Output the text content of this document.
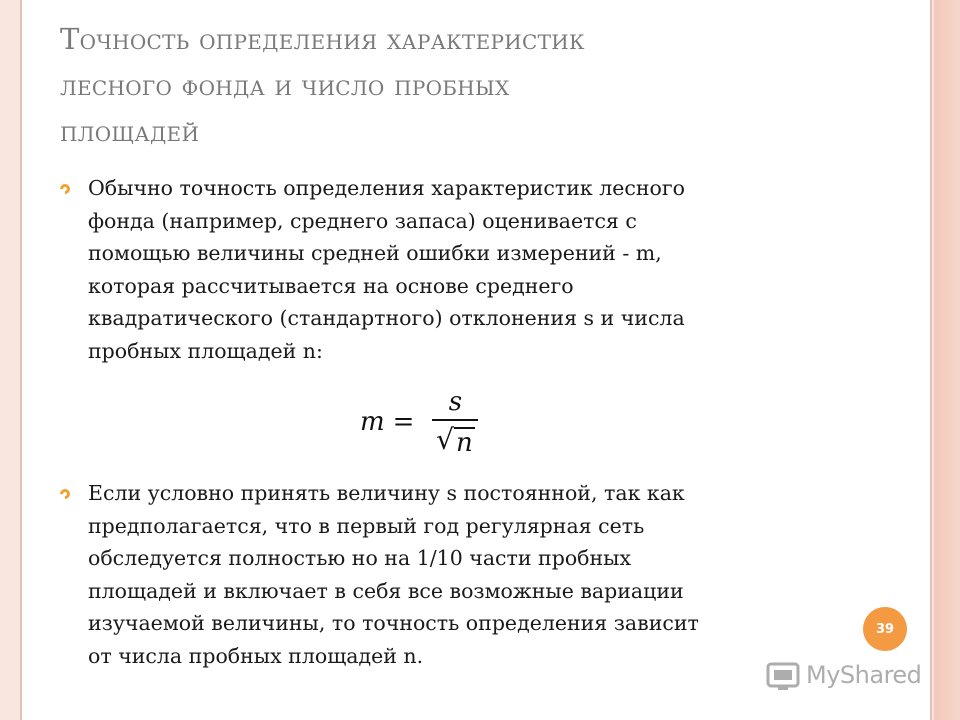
Точность определения характеристик
лесного фонда и число пробных
площадей
Обычно точность определения характеристик лесного
фонда (например, среднего запаса) оценивается с
помощью величины средней ошибки измерений - m,
которая рассчитывается на основе среднего
квадратического (стандартного) отклонения s и числа
пробных площадей n:
$m = \frac{s}{√ n}$
Если условно принять величину s постоянной, так как
предполагается, что в первый год регулярная сеть
обследуется полностью но на 1/10 части пробных
площадей и включает в себя все возможные вариации
изучаемой величины, то точность определения зависит
от числа пробных площадей n.
39
MyShared
